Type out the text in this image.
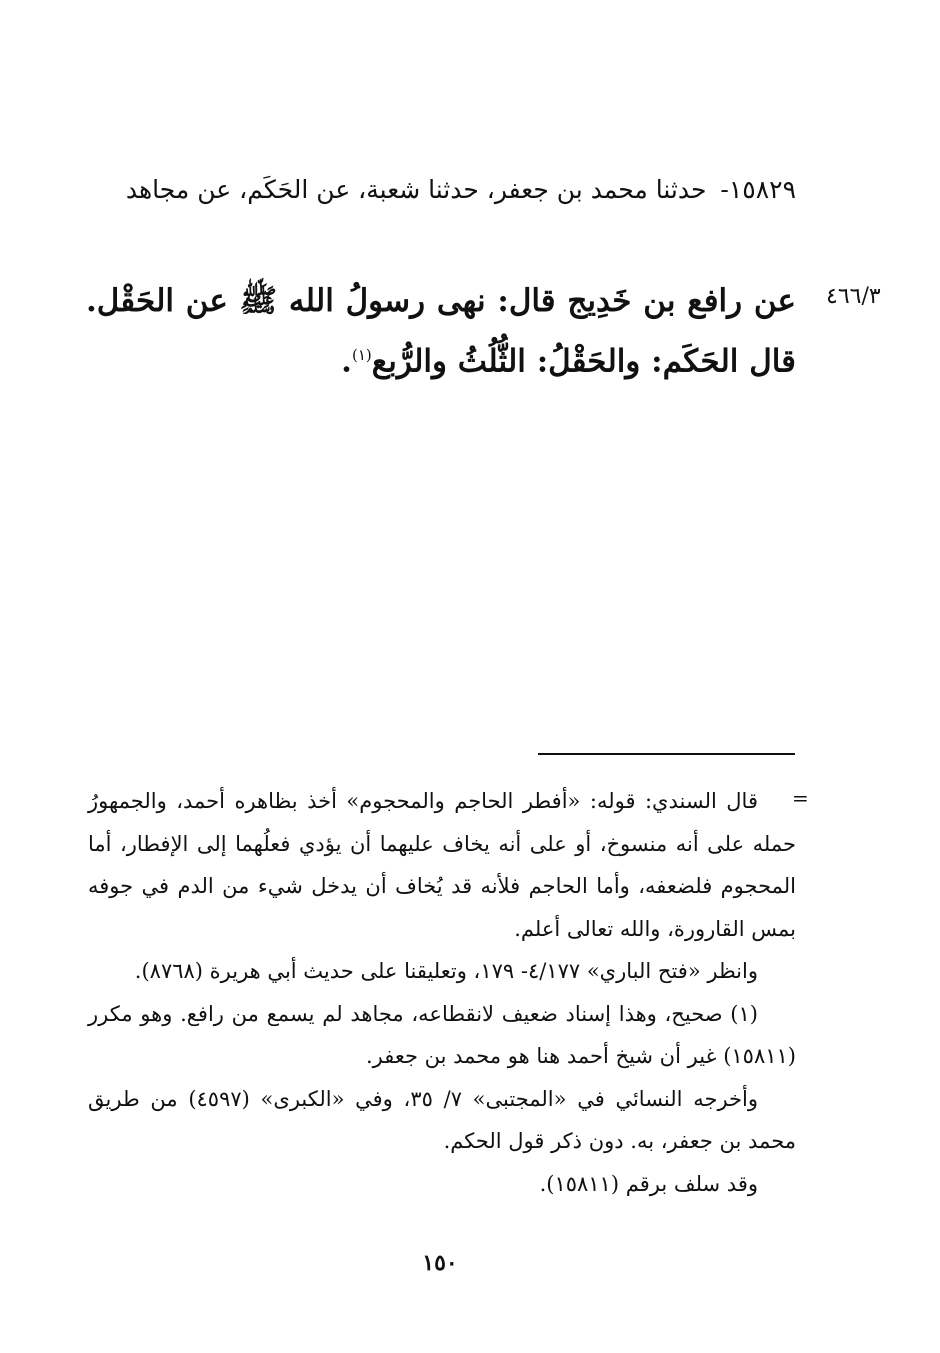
١٥٨٢٩- حدثنا محمد بن جعفر، حدثنا شعبة، عن الحَكَم، عن مجاهد
٤٦٦/٣
عن رافع بن خَدِيج قال: نهى رسولُ الله ﷺ عن الحَقْل. قال الحَكَم: والحَقْلُ: الثُّلُثُ والرُّبع$^{(١)}$.
=

قال السندي: قوله: «أفطر الحاجم والمحجوم» أخذ بظاهره أحمد، والجمهورُ حمله على أنه منسوخ، أو على أنه يخاف عليهما أن يؤدي فعلُهما إلى الإفطار، أما المحجوم فلضعفه، وأما الحاجم فلأنه قد يُخاف أن يدخل شيء من الدم في جوفه بمس القارورة، والله تعالى أعلم.

وانظر «فتح الباري» ٤/١٧٧- ١٧٩، وتعليقنا على حديث أبي هريرة (٨٧٦٨).

(١) صحيح، وهذا إسناد ضعيف لانقطاعه، مجاهد لم يسمع من رافع. وهو مكرر (١٥٨١١) غير أن شيخ أحمد هنا هو محمد بن جعفر.

وأخرجه النسائي في «المجتبى» ٧/ ٣٥، وفي «الكبرى» (٤٥٩٧) من طريق محمد بن جعفر، به. دون ذكر قول الحكم.

وقد سلف برقم (١٥٨١١).

١٥٠
